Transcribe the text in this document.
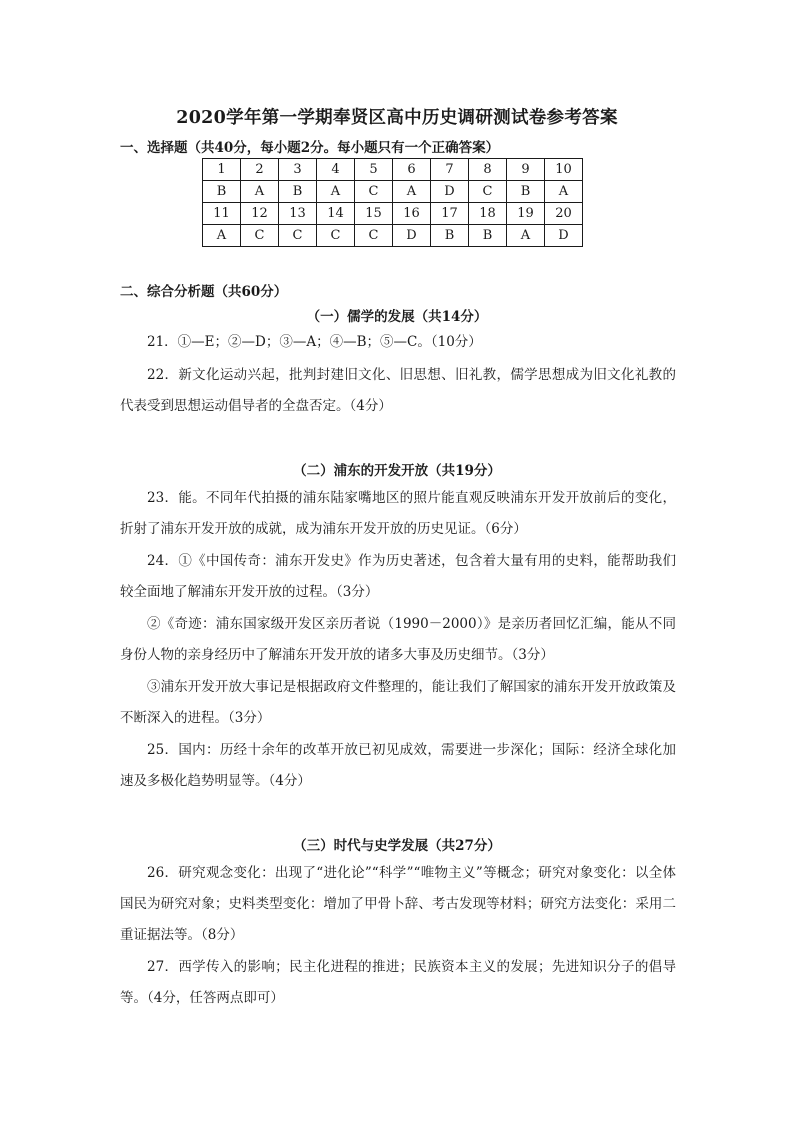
2020学年第一学期奉贤区高中历史调研测试卷参考答案
一、选择题（共40分，每小题2分。每小题只有一个正确答案）
1	2	3	4	5	6	7	8	9	10
B	A	B	A	C	A	D	C	B	A
11	12	13	14	15	16	17	18	19	20
A	C	C	C	C	D	B	B	A	D
二、综合分析题（共60分）
（一）儒学的发展（共14分）
21．①—E；②—D；③—A；④—B；⑤—C。（10分）
22．新文化运动兴起，批判封建旧文化、旧思想、旧礼教，儒学思想成为旧文化礼教的代表受到思想运动倡导者的全盘否定。（4分）
（二）浦东的开发开放（共19分）
23．能。不同年代拍摄的浦东陆家嘴地区的照片能直观反映浦东开发开放前后的变化，折射了浦东开发开放的成就，成为浦东开发开放的历史见证。（6分）
24．①《中国传奇：浦东开发史》作为历史著述，包含着大量有用的史料，能帮助我们较全面地了解浦东开发开放的过程。（3分）
②《奇迹：浦东国家级开发区亲历者说（1990－2000）》是亲历者回忆汇编，能从不同身份人物的亲身经历中了解浦东开发开放的诸多大事及历史细节。（3分）
③浦东开发开放大事记是根据政府文件整理的，能让我们了解国家的浦东开发开放政策及不断深入的进程。（3分）
25．国内：历经十余年的改革开放已初见成效，需要进一步深化；国际：经济全球化加速及多极化趋势明显等。（4分）
（三）时代与史学发展（共27分）
26．研究观念变化：出现了“进化论”“科学”“唯物主义”等概念；研究对象变化：以全体国民为研究对象；史料类型变化：增加了甲骨卜辞、考古发现等材料；研究方法变化：采用二重证据法等。（8分）
27．西学传入的影响；民主化进程的推进；民族资本主义的发展；先进知识分子的倡导等。（4分，任答两点即可）
